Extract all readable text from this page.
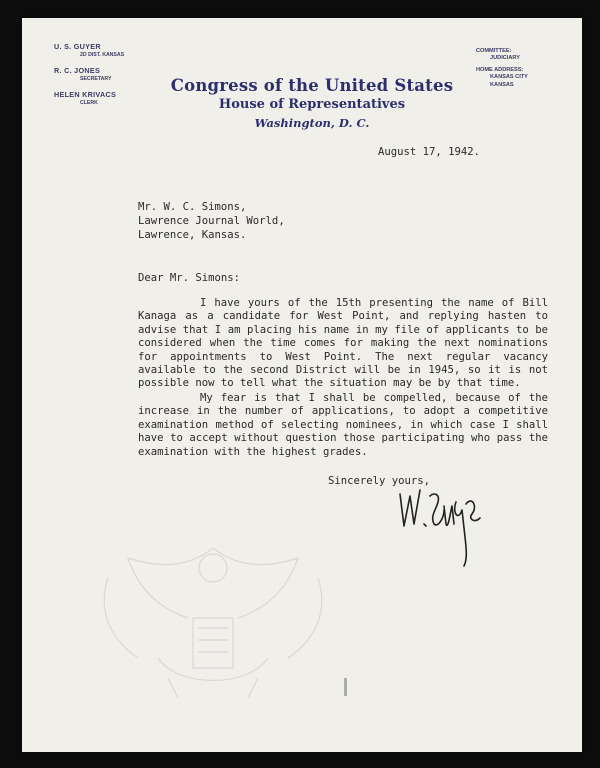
U. S. GUYER
2D DIST. KANSAS
R. C. JONES
SECRETARY
HELEN KRIVACS
CLERK
COMMITTEE:
JUDICIARY
HOME ADDRESS:
KANSAS CITY
KANSAS
Congress of the United States
House of Representatives
Washington, D. C.
August 17, 1942.
Mr. W. C. Simons,
Lawrence Journal World,
Lawrence, Kansas.
Dear Mr. Simons:

I have yours of the 15th presenting the name of Bill Kanaga as a candidate for West Point, and replying hasten to advise that I am placing his name in my file of applicants to be considered when the time comes for making the next nominations for appointments to West Point. The next regular vacancy available to the second District will be in 1945, so it is not possible now to tell what the situation may be by that time.

My fear is that I shall be compelled, because of the increase in the number of applications, to adopt a competitive examination method of selecting nominees, in which case I shall have to accept without question those participating who pass the examination with the highest grades.

Sincerely yours,
